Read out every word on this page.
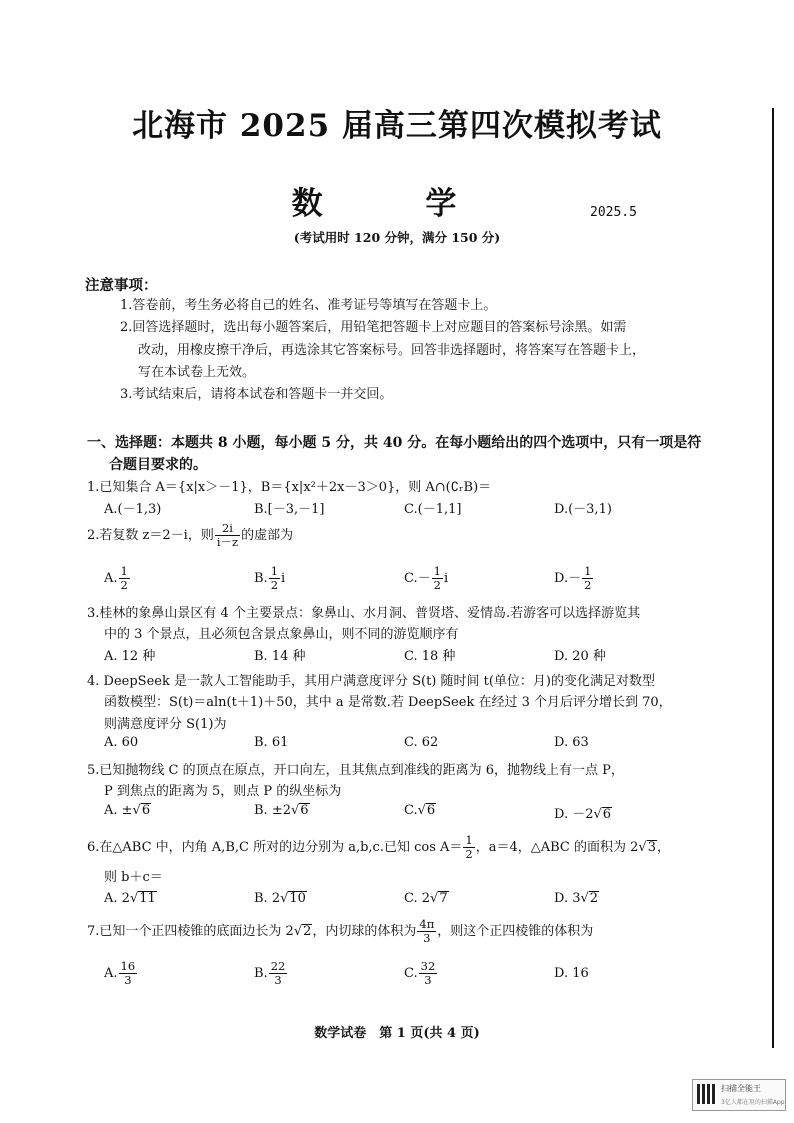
北海市 2025 届高三第四次模拟考试
数 学	2025.5
(考试用时 120 分钟，满分 150 分)
注意事项：
1.答卷前，考生务必将自己的姓名、准考证号等填写在答题卡上。
2.回答选择题时，选出每小题答案后，用铅笔把答题卡上对应题目的答案标号涂黑。如需
改动，用橡皮擦干净后，再选涂其它答案标号。回答非选择题时，将答案写在答题卡上，
写在本试卷上无效。
3.考试结束后，请将本试卷和答题卡一并交回。
一、选择题：本题共 8 小题，每小题 5 分，共 40 分。在每小题给出的四个选项中，只有一项是符
合题目要求的。
1.已知集合 A＝{x|x＞－1}，B＝{x|x²＋2x－3＞0}，则 A∩(∁ᵣB)＝
A.(－1,3)	B.[－3,－1]	C.(－1,1]	D.(－3,1)
2.若复数 z＝2－i，则 $\frac{2i}{i-z}$ 的虚部为
A. $\frac{1}{2}$	B. $\frac{1}{2}$ i	$C.- \frac{1}{2}$ i	$D.- \frac{1}{2}$
3.桂林的象鼻山景区有 4 个主要景点：象鼻山、水月洞、普贤塔、爱情岛.若游客可以选择游览其
中的 3 个景点，且必须包含景点象鼻山，则不同的游览顺序有
A. 12 种	B. 14 种	C. 18 种	D. 20 种
4. DeepSeek 是一款人工智能助手，其用户满意度评分 S(t) 随时间 t(单位：月)的变化满足对数型
函数模型：S(t)＝aln(t＋1)＋50，其中 a 是常数.若 DeepSeek 在经过 3 个月后评分增长到 70，
则满意度评分 S(1)为
A. 60	B. 61	C. 62	D. 63
5.已知抛物线 C 的顶点在原点，开口向左，且其焦点到准线的距离为 6，抛物线上有一点 P，
P 到焦点的距离为 5，则点 P 的纵坐标为
A. ±√6	B. ±2√6	C.√6	D. －2√6
6.在△ABC 中，内角 A,B,C 所对的边分别为 a,b,c.已知 $\cos A= \frac{1}{2}$ ，a＝4，△ABC 的面积为 2√3，
则 b＋c＝
A. 2√11	B. 2√10	C. 2√7	D. 3√2
7.已知一个正四棱锥的底面边长为 2√2，内切球的体积为 $\frac{4\pi}{3}$ ，则这个正四棱锥的体积为
A. $\frac{16}{3}$	B. $\frac{22}{3}$	C. $\frac{32}{3}$	D. 16
数学试卷　第 1 页(共 4 页)
扫描全能王
3亿人都在用的扫描App
